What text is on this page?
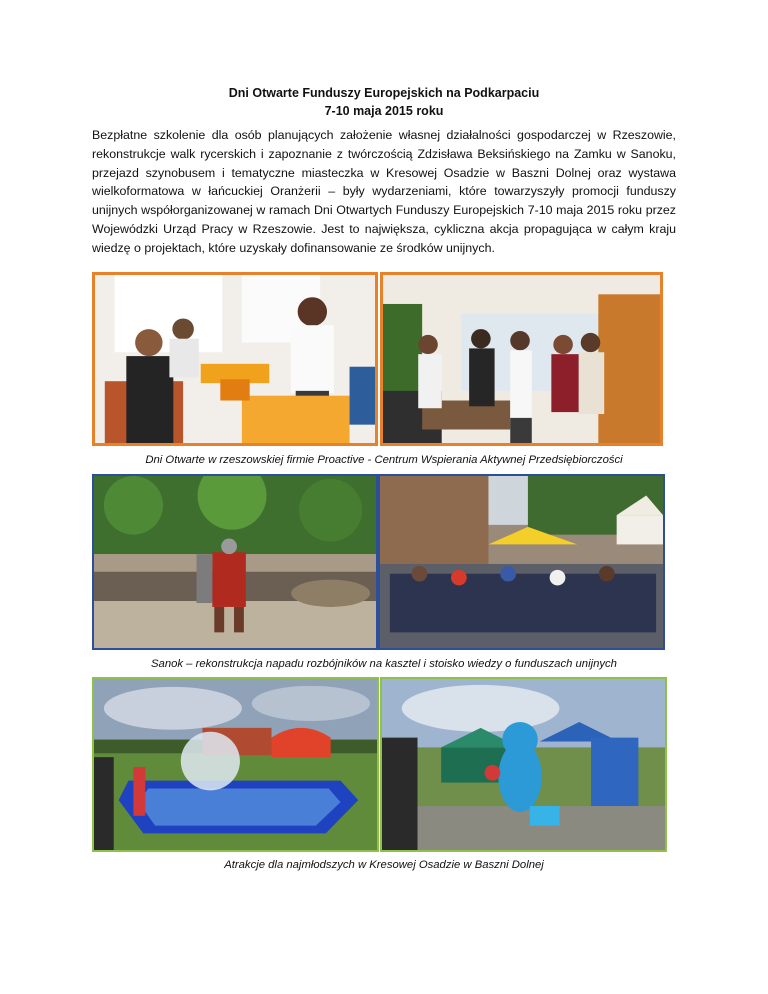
Dni Otwarte Funduszy Europejskich na Podkarpaciu
7-10 maja 2015 roku
Bezpłatne szkolenie dla osób planujących założenie własnej działalności gospodarczej w Rzeszowie, rekonstrukcje walk rycerskich i zapoznanie z twórczością Zdzisława Beksińskiego na Zamku w Sanoku, przejazd szynobusem i tematyczne miasteczka w Kresowej Osadzie w Baszni Dolnej oraz wystawa wielkoformatowa w łańcuckiej Oranżerii – były wydarzeniami, które towarzyszyły promocji funduszy unijnych współorganizowanej w ramach Dni Otwartych Funduszy Europejskich 7-10 maja 2015 roku przez Wojewódzki Urząd Pracy w Rzeszowie. Jest to największa, cykliczna akcja propagująca w całym kraju wiedzę o projektach, które uzyskały dofinansowanie ze środków unijnych.
Dni Otwarte w rzeszowskiej firmie Proactive - Centrum Wspierania Aktywnej Przedsiębiorczości
Sanok – rekonstrukcja napadu rozbójników na kasztel i stoisko wiedzy o funduszach unijnych
Atrakcje dla najmłodszych w Kresowej Osadzie w Baszni Dolnej
